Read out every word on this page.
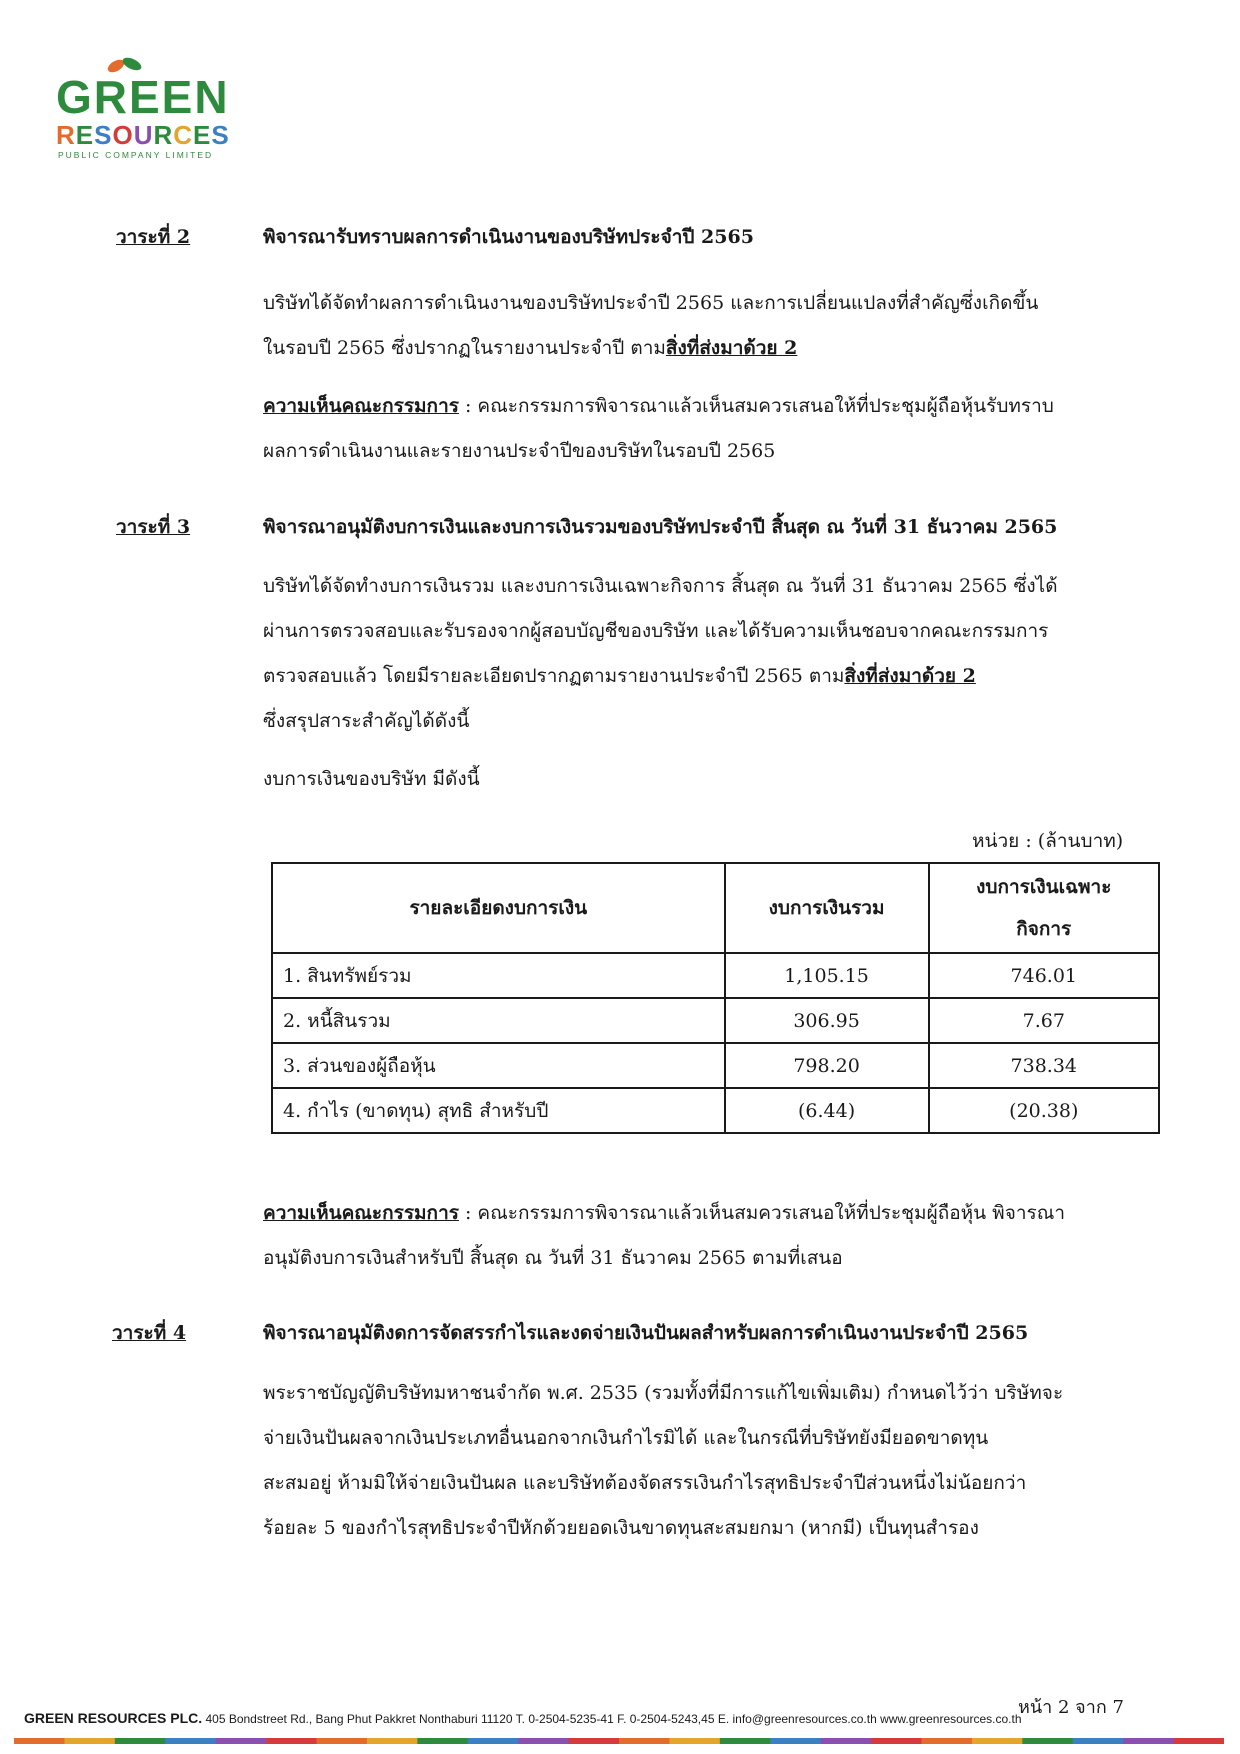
GREEN
RESOURCES
PUBLIC COMPANY LIMITED
วาระที่ 2	พิจารณารับทราบผลการดำเนินงานของบริษัทประจำปี 2565
บริษัทได้จัดทำผลการดำเนินงานของบริษัทประจำปี 2565 และการเปลี่ยนแปลงที่สำคัญซึ่งเกิดขึ้น
ในรอบปี 2565 ซึ่งปรากฏในรายงานประจำปี ตามสิ่งที่ส่งมาด้วย 2
ความเห็นคณะกรรมการ : คณะกรรมการพิจารณาแล้วเห็นสมควรเสนอให้ที่ประชุมผู้ถือหุ้นรับทราบ
ผลการดำเนินงานและรายงานประจำปีของบริษัทในรอบปี 2565
วาระที่ 3	พิจารณาอนุมัติงบการเงินและงบการเงินรวมของบริษัทประจำปี สิ้นสุด ณ วันที่ 31 ธันวาคม 2565
บริษัทได้จัดทำงบการเงินรวม และงบการเงินเฉพาะกิจการ สิ้นสุด ณ วันที่ 31 ธันวาคม 2565 ซึ่งได้
ผ่านการตรวจสอบและรับรองจากผู้สอบบัญชีของบริษัท และได้รับความเห็นชอบจากคณะกรรมการ
ตรวจสอบแล้ว โดยมีรายละเอียดปรากฏตามรายงานประจำปี 2565 ตามสิ่งที่ส่งมาด้วย 2
ซึ่งสรุปสาระสำคัญได้ดังนี้
งบการเงินของบริษัท มีดังนี้
หน่วย : (ล้านบาท)
รายละเอียดงบการเงิน	งบการเงินรวม	งบการเงินเฉพาะ
กิจการ
1. สินทรัพย์รวม	1,105.15	746.01
2. หนี้สินรวม	306.95	7.67
3. ส่วนของผู้ถือหุ้น	798.20	738.34
4. กำไร (ขาดทุน) สุทธิ สำหรับปี	(6.44)	(20.38)
ความเห็นคณะกรรมการ : คณะกรรมการพิจารณาแล้วเห็นสมควรเสนอให้ที่ประชุมผู้ถือหุ้น พิจารณา
อนุมัติงบการเงินสำหรับปี สิ้นสุด ณ วันที่ 31 ธันวาคม 2565 ตามที่เสนอ
วาระที่ 4	พิจารณาอนุมัติงดการจัดสรรกำไรและงดจ่ายเงินปันผลสำหรับผลการดำเนินงานประจำปี 2565
พระราชบัญญัติบริษัทมหาชนจำกัด พ.ศ. 2535 (รวมทั้งที่มีการแก้ไขเพิ่มเติม) กำหนดไว้ว่า บริษัทจะ
จ่ายเงินปันผลจากเงินประเภทอื่นนอกจากเงินกำไรมิได้ และในกรณีที่บริษัทยังมียอดขาดทุน
สะสมอยู่ ห้ามมิให้จ่ายเงินปันผล และบริษัทต้องจัดสรรเงินกำไรสุทธิประจำปีส่วนหนึ่งไม่น้อยกว่า
ร้อยละ 5 ของกำไรสุทธิประจำปีหักด้วยยอดเงินขาดทุนสะสมยกมา (หากมี) เป็นทุนสำรอง
หน้า 2 จาก 7
GREEN RESOURCES PLC. 405 Bondstreet Rd., Bang Phut Pakkret Nonthaburi 11120 T. 0-2504-5235-41 F. 0-2504-5243,45 E. info@greenresources.co.th www.greenresources.co.th
